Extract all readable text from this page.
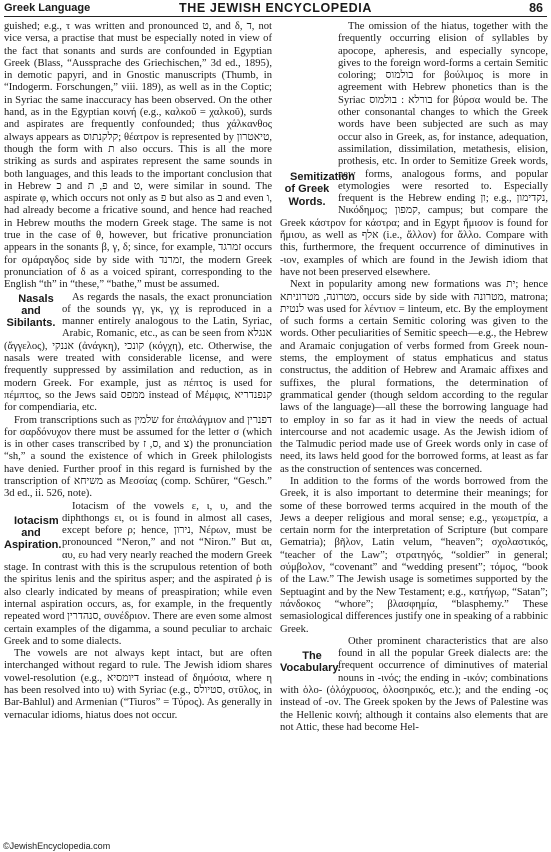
Greek Language	THE JEWISH ENCYCLOPEDIA	86

guished; e.g., τ was written and pronounced ט, and δ, ד, not vice versa, a practise that must be especially noted in view of the fact that sonants and surds are confounded in Egyptian Greek (Blass, “Aussprache des Griechischen,” 3d ed., 1895), in demotic papyri, and in Gnostic manuscripts (Thumb, in “Indogerm. Forschungen,” viii. 189), as well as in the Coptic; in Syriac the same inaccuracy has been observed. On the other hand, as in the Egyptian κοινή (e.g., καλκοῦ = χαλκοῦ), surds and aspirates are frequently confounded; thus χάλκανθος always appears as קלקנתוס; θέατρον is represented by טיאטרון, though the form with ת also occurs. This is all the more striking as surds and aspirates represent the same sounds in both languages, and this leads to the important conclusion that in Hebrew כ and פ, ת and ט, were similar in sound. The aspirate φ, which occurs not only as פ but also as ב and even ו, had already become a fricative sound, and hence had reached in Hebrew mouths the modern Greek stage. The same is not true in the case of θ, however, but fricative pronunciation appears in the sonants β, γ, δ; since, for example, זמרגד occurs for σμάραγδος side by side with זמרנד, the modern Greek pronunciation of δ as a voiced spirant, corresponding to the English “th” in “these,” “bathe,” must be assumed.

Nasals and Sibilants.
As regards the nasals, the exact pronunciation of the sounds γγ, γκ, γχ is reproduced in a manner entirely analogous to the Latin, Syriac, Arabic, Romanic, etc., as can be seen from אנגלא (ἄγγελος), אננקי (ἀνάγκη), קונכי (κόγχη), etc. Otherwise, the nasals were treated with considerable license, and were frequently suppressed by assimilation and reduction, as in modern Greek. For example, just as πέπτος is used for πέμπτος, so the Jews said ממפס instead of Μέμφις, קנפנדריא for compendiaria, etc.

From transcriptions such as שלמין for ἐπαλάγμιον and דפנרין for σαρδόνυχον there must be assumed for the letter σ (which is in other cases transcribed by ס, ז, and צ) the pronunciation “sh,” a sound the existence of which in Greek philologists have denied. Further proof in this regard is furnished by the transcription of משיחא as Μεσσίας (comp. Schürer, “Gesch.” 3d ed., ii. 526, note).

Iotacism and Aspiration.
Iotacism of the vowels ε, ι, υ, and the diphthongs ει, οι is found in almost all cases, except before ρ; hence, נירון, Νέρων, must be pronounced “Neron,” and not “Niron.” But αι, αυ, ευ had very nearly reached the modern Greek stage. In contrast with this is the scrupulous retention of both the spiritus lenis and the spiritus asper; and the aspirated ῥ is also clearly indicated by means of preaspiration; while even internal aspiration occurs, as, for example, in the frequently repeated word סנהדרין, συνέδριον. There are even some almost certain examples of the digamma, a sound peculiar to archaic Greek and to some dialects.

The vowels are not always kept intact, but are often interchanged without regard to rule. The Jewish idiom shares vowel-resolution (e.g., דיומסיא instead of δημόσια, where η has been resolved into ιυ) with Syriac (e.g., סטיולס, στῦλος, in Bar-Bahlul) and Armenian (“Tiuros” = Τύρος). As generally in vernacular idioms, hiatus does not occur.

Semitization of Greek Words.
The omission of the hiatus, together with the frequently occurring elision of syllables by apocope, apheresis, and especially syncope, gives to the foreign word-forms a certain Semitic coloring; בולמוס for βούλιμος is more in agreement with Hebrew phonetics than is the Syriac בורלא : בולמוס for βύρσα would be. The other consonantal changes to which the Greek words have been subjected are such as may occur also in Greek, as, for instance, adequation, assimilation, dissimilation, metathesis, elision, prothesis, etc. In order to Semitize Greek words, new forms, analogous forms, and popular etymologies were resorted to. Especially frequent is the Hebrew ending ון; e.g., נקדימון, Νικόδημος; קמפון, campus; but compare the Greek κάστρον for κάστρα; and in Egypt ἥμισον is found for ἥμισυ, as well as אלף (i.e., ἄλλον) for ἄλλο. Compare with this, furthermore, the frequent occurrence of diminutives in -ιον, examples of which are found in the Jewish idiom that have not been preserved elsewhere.

Next in popularity among new formations was ית; hence מטרונה, מטרוניתא, occurs side by side with מטרונה, matrona; לנטית was used for λέντιον = linteum, etc. By the employment of such forms a certain Semitic coloring was given to the words. Other peculiarities of Semitic speech—e.g., the Hebrew and Aramaic conjugation of verbs formed from Greek noun-stems, the employment of status emphaticus and status constructus, the addition of Hebrew and Aramaic affixes and suffixes, the plural formations, the determination of grammatical gender (though seldom according to the regular laws of the language)—all these the borrowing language had to employ in so far as it had in view the needs of actual intercourse and not academic usage. As the Jewish idiom of the Talmudic period made use of Greek words only in case of need, its laws held good for the borrowed forms, at least as far as the construction of sentences was concerned.

In addition to the forms of the words borrowed from the Greek, it is also important to determine their meanings; for some of these borrowed terms acquired in the mouth of the Jews a deeper religious and moral sense; e.g., γεωμετρία, a certain norm for the interpretation of Scripture (but compare Gematria); βῆλον, Latin velum, “heaven”; σχολαστικός, “teacher of the Law”; στρατηγός, “soldier” in general; σύμβολον, “covenant” and “wedding present”; τόμος, “book of the Law.” The Jewish usage is sometimes supported by the Septuagint and by the New Testament; e.g., κατήγωρ, “Satan”; πάνδοκος “whore”; βλασφημία, “blasphemy.” These semasiological differences justify one in speaking of a rabbinic Greek.

The Vocabulary.
Other prominent characteristics that are also found in all the popular Greek dialects are: the frequent occurrence of diminutives of material nouns in -ινός; the ending in -ικόν; combinations with ὁλο- (ὁλόχρυσος, ὁλοσηρικός, etc.); and the ending -ος instead of -ον. The Greek spoken by the Jews of Palestine was the Hellenic κοινή; although it contains also elements that are not Attic, these had become Hel-

©JewishEncyclopedia.com
